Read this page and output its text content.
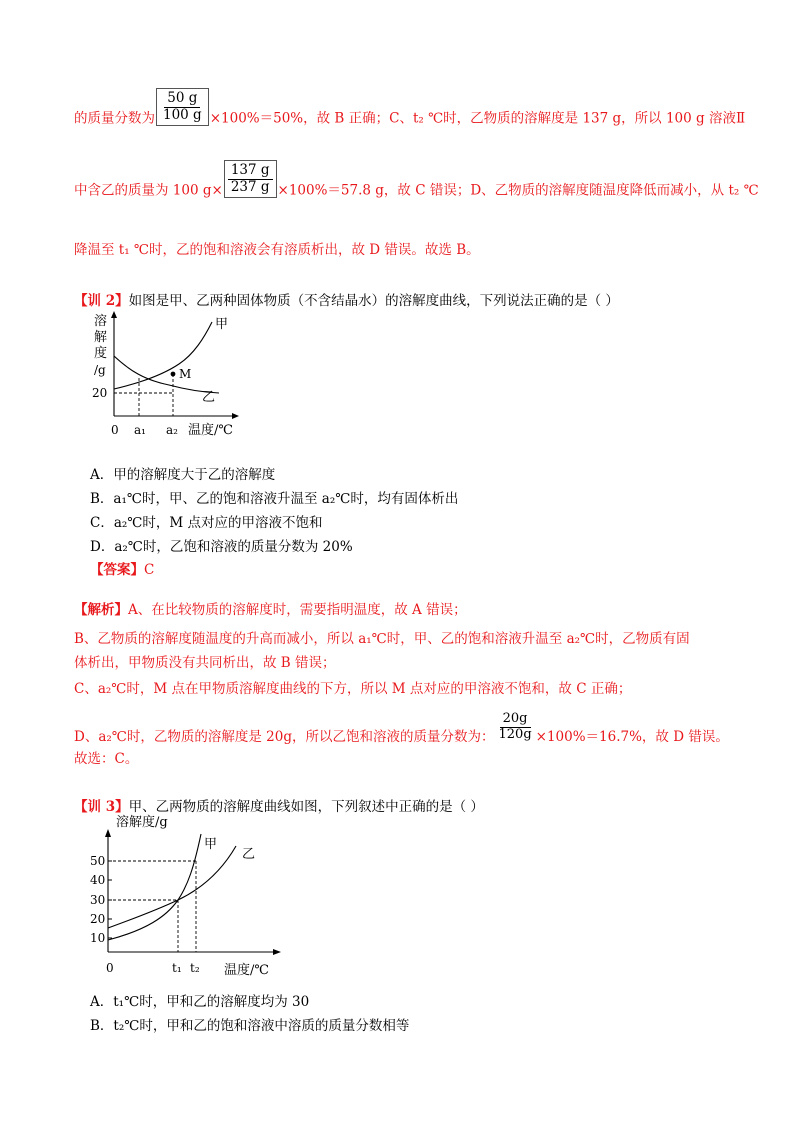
的质量分数为 $\frac{50 g}{100 g} \times 100\%=50\%$，故 B 正确；C、t₂ ℃时，乙物质的溶解度是 137 g，所以 100 g 溶液Ⅱ
中含乙的质量为 100 $g\times \frac{137 g}{237 g} \times 100\%=57.8$ g，故 C 错误；D、乙物质的溶解度随温度降低而减小，从 t₂ ℃
降温至 t₁ ℃时，乙的饱和溶液会有溶质析出，故 D 错误。故选 B。
【训 2】如图是甲、乙两种固体物质（不含结晶水）的溶解度曲线，下列说法正确的是（ ）
溶
解
度
/g
20
0 a₁ a₂ 温度/℃
甲
乙
M
A．甲的溶解度大于乙的溶解度
B．a₁℃时，甲、乙的饱和溶液升温至 a₂℃时，均有固体析出
C．a₂℃时，M 点对应的甲溶液不饱和
D．a₂℃时，乙饱和溶液的质量分数为 20%
【答案】C
【解析】A、在比较物质的溶解度时，需要指明温度，故 A 错误；
B、乙物质的溶解度随温度的升高而减小，所以 a₁℃时，甲、乙的饱和溶液升温至 a₂℃时，乙物质有固
体析出，甲物质没有共同析出，故 B 错误；
C、a₂℃时，M 点在甲物质溶解度曲线的下方，所以 M 点对应的甲溶液不饱和，故 C 正确；
D、a₂℃时，乙物质的溶解度是 20g，所以乙饱和溶液的质量分数为： $\frac{20g}{120g} \times 100\%=16.7\%$，故 D 错误。
故选：C。
【训 3】甲、乙两物质的溶解度曲线如图，下列叙述中正确的是（ ）
10
20
30
40
50
溶解度/g
0	t₁ t₂ 温度/℃
甲
乙
A．t₁℃时，甲和乙的溶解度均为 30
B．t₂℃时，甲和乙的饱和溶液中溶质的质量分数相等
